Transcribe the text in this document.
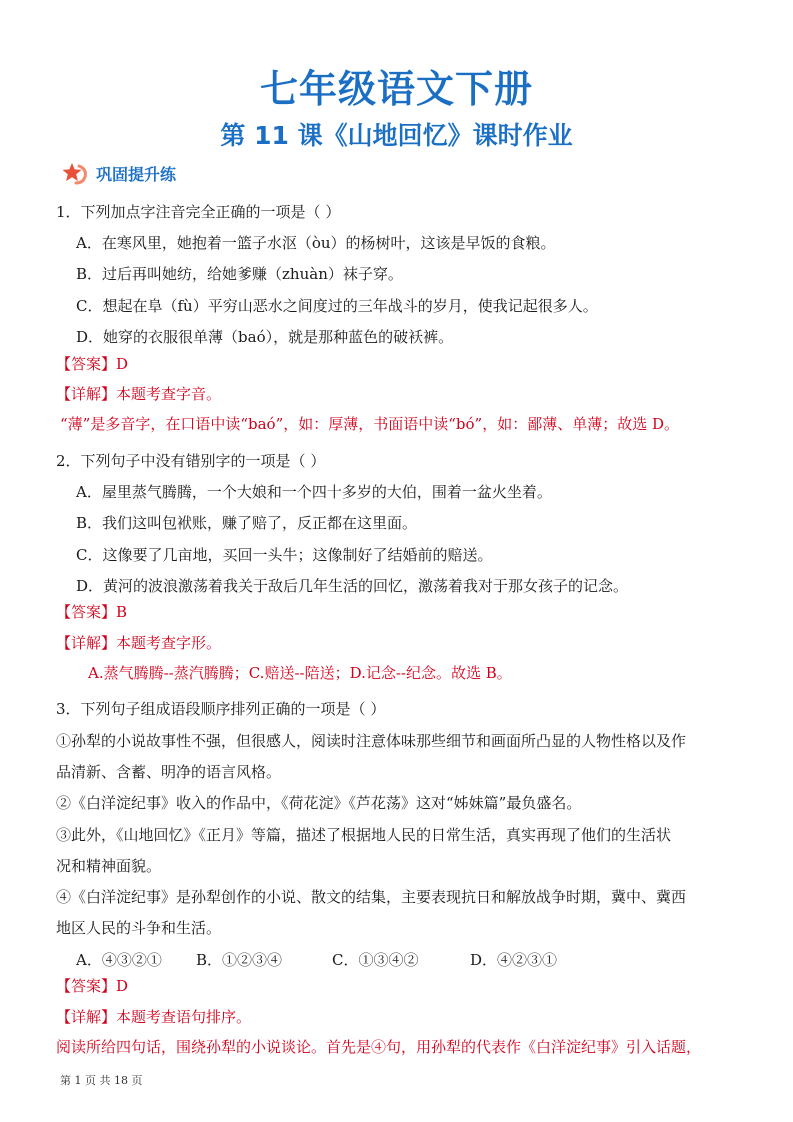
七年级语文下册
第 11 课《山地回忆》课时作业
巩固提升练
1．下列加点字注音完全正确的一项是（ ）
A．在寒风里，她抱着一篮子水沤（òu）的杨树叶，这该是早饭的食粮。
B．过后再叫她纺，给她爹赚（zhuàn）袜子穿。
C．想起在阜（fù）平穷山恶水之间度过的三年战斗的岁月，使我记起很多人。
D．她穿的衣服很单薄（baó），就是那种蓝色的破袄裤。
【答案】D
【详解】本题考查字音。
“薄”是多音字，在口语中读“baó”，如：厚薄，书面语中读“bó”，如：鄙薄、单薄；故选 D。
2．下列句子中没有错别字的一项是（ ）
A．屋里蒸气腾腾，一个大娘和一个四十多岁的大伯，围着一盆火坐着。
B．我们这叫包袱账，赚了赔了，反正都在这里面。
C．这像要了几亩地，买回一头牛；这像制好了结婚前的赔送。
D．黄河的波浪激荡着我关于敌后几年生活的回忆，激荡着我对于那女孩子的记念。
【答案】B
【详解】本题考查字形。
A.蒸气腾腾--蒸汽腾腾；C.赔送--陪送；D.记念--纪念。故选 B。
3．下列句子组成语段顺序排列正确的一项是（ ）
①孙犁的小说故事性不强，但很感人，阅读时注意体味那些细节和画面所凸显的人物性格以及作
品清新、含蓄、明净的语言风格。
②《白洋淀纪事》收入的作品中，《荷花淀》《芦花荡》这对“姊妹篇”最负盛名。
③此外，《山地回忆》《正月》等篇，描述了根据地人民的日常生活，真实再现了他们的生活状
况和精神面貌。
④《白洋淀纪事》是孙犁创作的小说、散文的结集，主要表现抗日和解放战争时期，冀中、冀西
地区人民的斗争和生活。
A．④③②① B．①②③④	C．①③④②	D．④②③①
【答案】D
【详解】本题考查语句排序。
阅读所给四句话，围绕孙犁的小说谈论。首先是④句，用孙犁的代表作《白洋淀纪事》引入话题，
第 1 页 共 18 页
